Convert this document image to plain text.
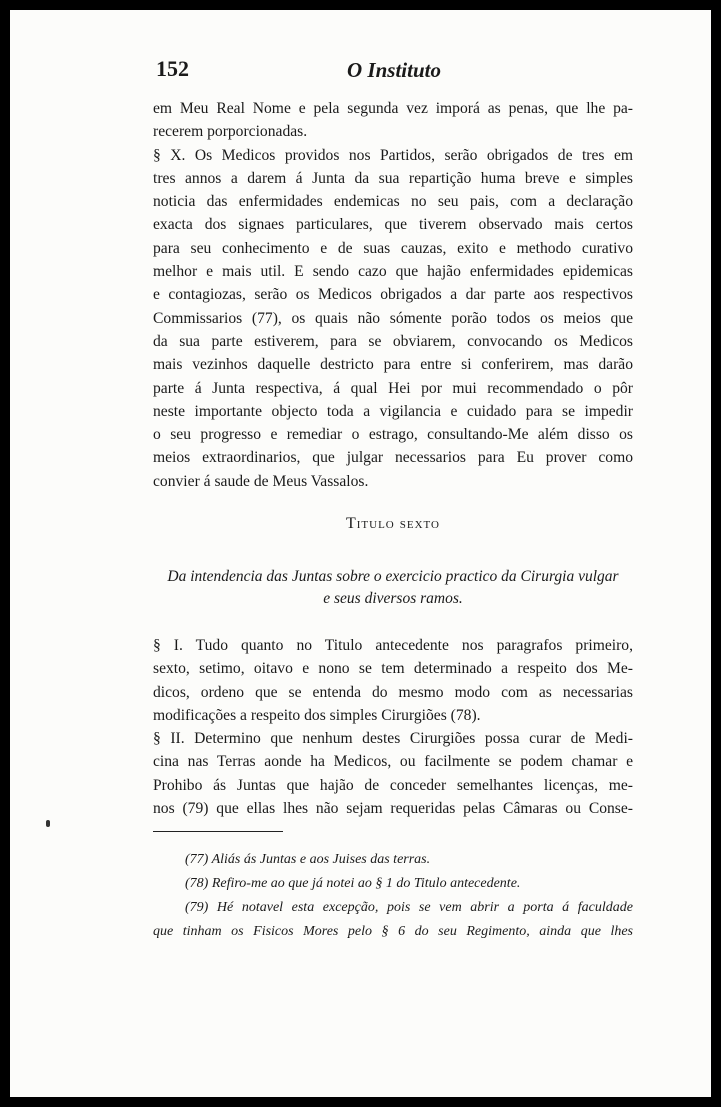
152	O Instituto
em Meu Real Nome e pela segunda vez imporá as penas, que lhe pa-
recerem porporcionadas.
§ X. Os Medicos providos nos Partidos, serão obrigados de tres em
tres annos a darem á Junta da sua repartição huma breve e simples
noticia das enfermidades endemicas no seu pais, com a declaração
exacta dos signaes particulares, que tiverem observado mais certos
para seu conhecimento e de suas cauzas, exito e methodo curativo
melhor e mais util. E sendo cazo que hajão enfermidades epidemicas
e contagiozas, serão os Medicos obrigados a dar parte aos respectivos
Commissarios (77), os quais não sómente porão todos os meios que
da sua parte estiverem, para se obviarem, convocando os Medicos
mais vezinhos daquelle destricto para entre si conferirem, mas darão
parte á Junta respectiva, á qual Hei por mui recommendado o pôr
neste importante objecto toda a vigilancia e cuidado para se impedir
o seu progresso e remediar o estrago, consultando-Me além disso os
meios extraordinarios, que julgar necessarios para Eu prover como
convier á saude de Meus Vassalos.
Titulo sexto
Da intendencia das Juntas sobre o exercicio practico da Cirurgia vulgar
e seus diversos ramos.
§ I. Tudo quanto no Titulo antecedente nos paragrafos primeiro,
sexto, setimo, oitavo e nono se tem determinado a respeito dos Me-
dicos, ordeno que se entenda do mesmo modo com as necessarias
modificações a respeito dos simples Cirurgiões (78).
§ II. Determino que nenhum destes Cirurgiões possa curar de Medi-
cina nas Terras aonde ha Medicos, ou facilmente se podem chamar e
Prohibo ás Juntas que hajão de conceder semelhantes licenças, me-
nos (79) que ellas lhes não sejam requeridas pelas Câmaras ou Conse-
(77) Aliás ás Juntas e aos Juises das terras.
(78) Refiro-me ao que já notei ao § 1 do Titulo antecedente.
(79) Hé notavel esta excepção, pois se vem abrir a porta á faculdade
que tinham os Fisicos Mores pelo § 6 do seu Regimento, ainda que lhes
